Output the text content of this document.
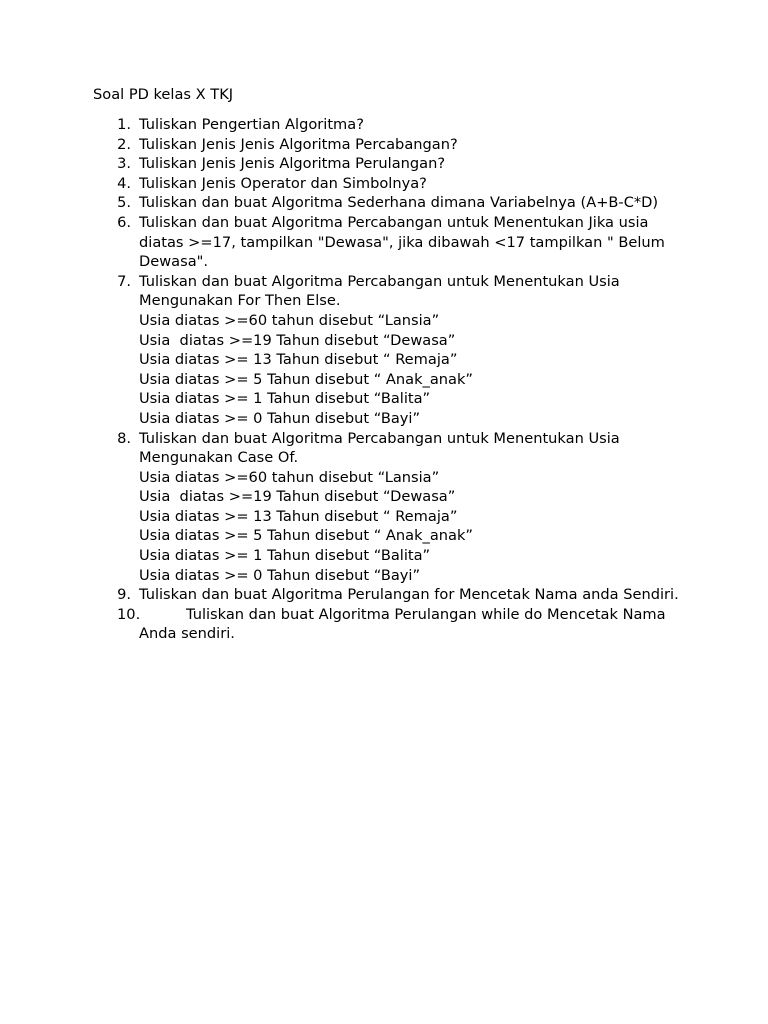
Soal PD kelas X TKJ
1. Tuliskan Pengertian Algoritma?
2. Tuliskan Jenis Jenis Algoritma Percabangan?
3. Tuliskan Jenis Jenis Algoritma Perulangan?
4. Tuliskan Jenis Operator dan Simbolnya?
5. Tuliskan dan buat Algoritma Sederhana dimana Variabelnya (A+B-C*D)
6. Tuliskan dan buat Algoritma Percabangan untuk Menentukan Jika usia diatas >=17, tampilkan "Dewasa", jika dibawah <17 tampilkan " Belum Dewasa".
7. Tuliskan dan buat Algoritma Percabangan untuk Menentukan Usia Mengunakan For Then Else.
Usia diatas >=60 tahun disebut “Lansia”
Usia  diatas >=19 Tahun disebut “Dewasa”
Usia diatas >= 13 Tahun disebut “ Remaja”
Usia diatas >= 5 Tahun disebut “ Anak_anak”
Usia diatas >= 1 Tahun disebut “Balita”
Usia diatas >= 0 Tahun disebut “Bayi”
8. Tuliskan dan buat Algoritma Percabangan untuk Menentukan Usia Mengunakan Case Of.
Usia diatas >=60 tahun disebut “Lansia”
Usia  diatas >=19 Tahun disebut “Dewasa”
Usia diatas >= 13 Tahun disebut “ Remaja”
Usia diatas >= 5 Tahun disebut “ Anak_anak”
Usia diatas >= 1 Tahun disebut “Balita”
Usia diatas >= 0 Tahun disebut “Bayi”
9. Tuliskan dan buat Algoritma Perulangan for Mencetak Nama anda Sendiri.
10.	Tuliskan dan buat Algoritma Perulangan while do Mencetak Nama Anda sendiri.
